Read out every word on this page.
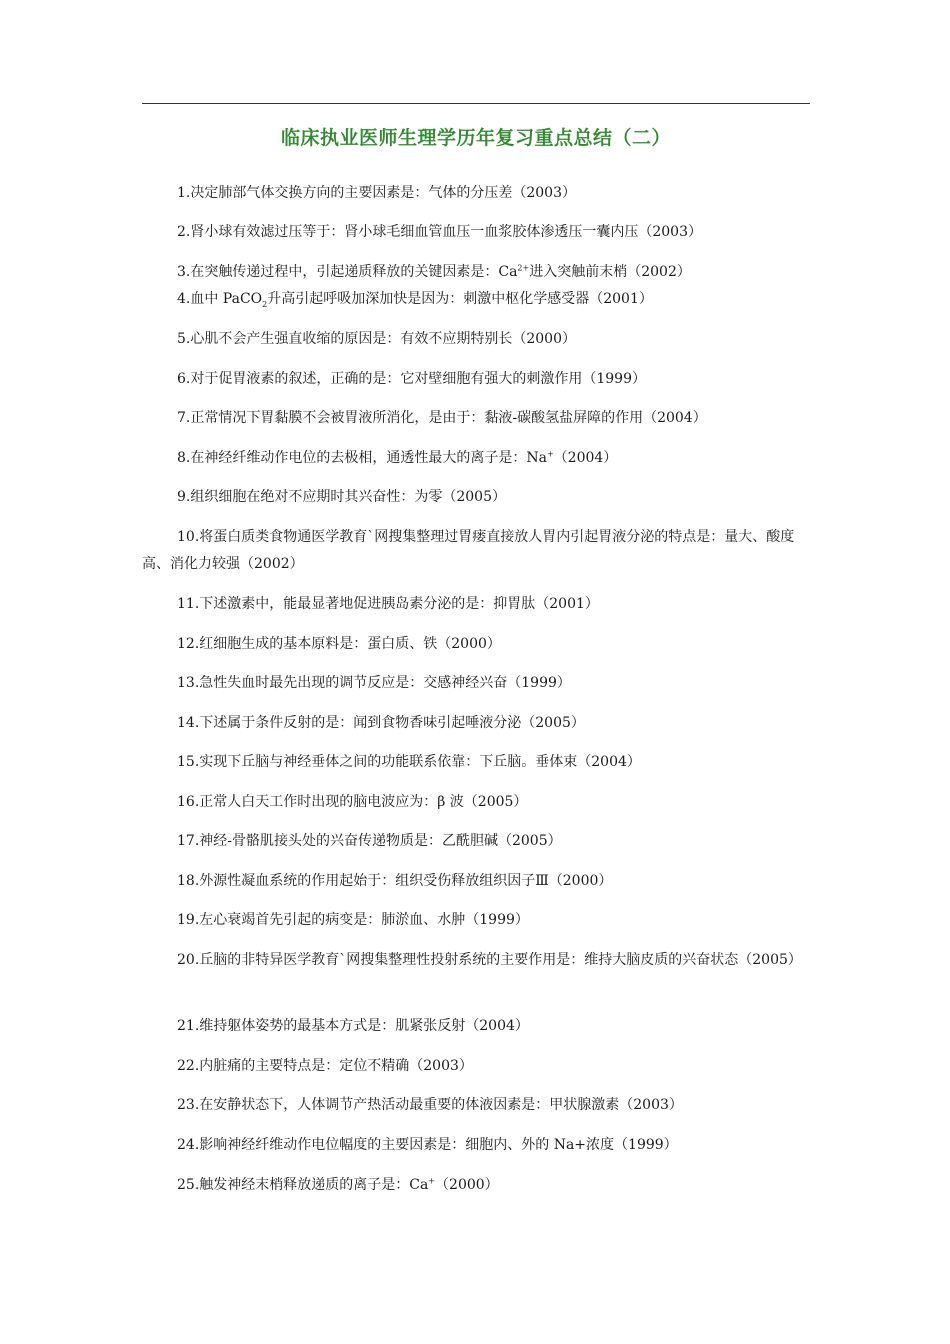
临床执业医师生理学历年复习重点总结（二）

1.决定肺部气体交换方向的主要因素是：气体的分压差（2003）

2.肾小球有效滤过压等于：肾小球毛细血管血压一血浆胶体渗透压一囊内压（2003）

3.在突触传递过程中，引起递质释放的关键因素是：$Ca^{2+}$进入突触前末梢（2002）

4.血中 PaCO$_2$升高引起呼吸加深加快是因为：刺激中枢化学感受器（2001）

5.心肌不会产生强直收缩的原因是：有效不应期特别长（2000）

6.对于促胃液素的叙述，正确的是：它对壁细胞有强大的刺激作用（1999）

7.正常情况下胃黏膜不会被胃液所消化，是由于：黏液-碳酸氢盐屏障的作用（2004）

8.在神经纤维动作电位的去极相，通透性最大的离子是：Na+（2004）

9.组织细胞在绝对不应期时其兴奋性：为零（2005）

10.将蛋白质类食物通医学教育`网搜集整理过胃瘘直接放人胃内引起胃液分泌的特点是：量大、酸度高、消化力较强（2002）

11.下述激素中，能最显著地促进胰岛素分泌的是：抑胃肽（2001）

12.红细胞生成的基本原料是：蛋白质、铁（2000）

13.急性失血时最先出现的调节反应是：交感神经兴奋（1999）

14.下述属于条件反射的是：闻到食物香味引起唾液分泌（2005）

15.实现下丘脑与神经垂体之间的功能联系依靠：下丘脑。垂体束（2004）

16.正常人白天工作时出现的脑电波应为：β 波（2005）

17.神经-骨骼肌接头处的兴奋传递物质是：乙酰胆碱（2005）

18.外源性凝血系统的作用起始于：组织受伤释放组织因子Ⅲ（2000）

19.左心衰竭首先引起的病变是：肺淤血、水肿（1999）

20.丘脑的非特异医学教育`网搜集整理性投射系统的主要作用是：维持大脑皮质的兴奋状态（2005）

21.维持躯体姿势的最基本方式是：肌紧张反射（2004）

22.内脏痛的主要特点是：定位不精确（2003）

23.在安静状态下，人体调节产热活动最重要的体液因素是：甲状腺激素（2003）

24.影响神经纤维动作电位幅度的主要因素是：细胞内、外的 Na+浓度（1999）

25.触发神经末梢释放递质的离子是：Ca+（2000）
